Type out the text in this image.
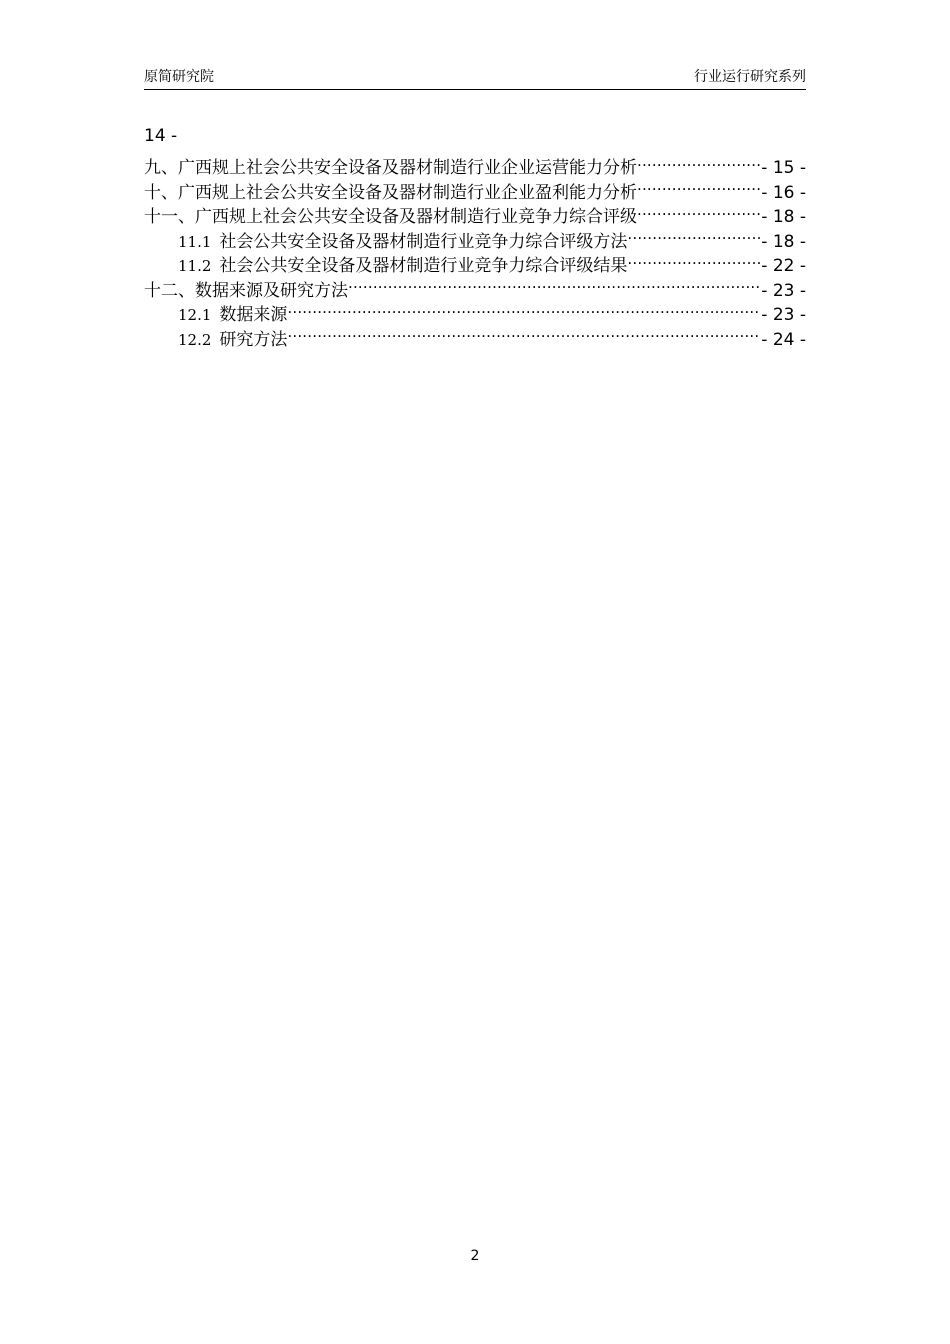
原简研究院	行业运行研究系列
14 -
九、广西规上社会公共安全设备及器材制造行业企业运营能力分析 .....	- 15 -
十、广西规上社会公共安全设备及器材制造行业企业盈利能力分析 .....	- 16 -
十一、广西规上社会公共安全设备及器材制造行业竞争力综合评级 .....	- 18 -
11.1 社会公共安全设备及器材制造行业竞争力综合评级方法 .....	- 18 -
11.2 社会公共安全设备及器材制造行业竞争力综合评级结果 .....	- 22 -
十二、数据来源及研究方法 .....	- 23 -
12.1 数据来源 .....	- 23 -
12.2 研究方法 .....	- 24 -
2
